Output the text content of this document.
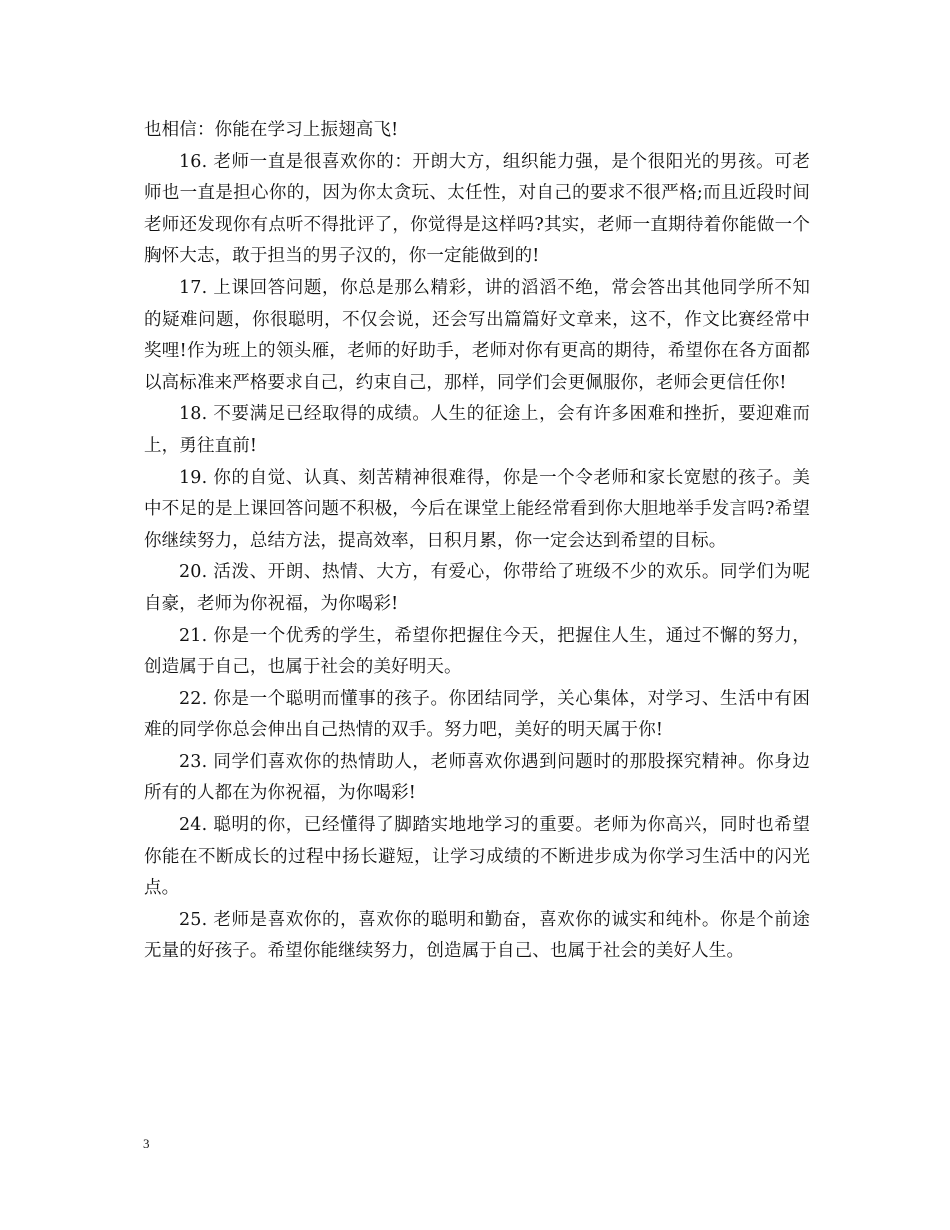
也相信：你能在学习上振翅高飞!

16. 老师一直是很喜欢你的：开朗大方，组织能力强，是个很阳光的男孩。可老师也一直是担心你的，因为你太贪玩、太任性，对自己的要求不很严格;而且近段时间老师还发现你有点听不得批评了，你觉得是这样吗?其实，老师一直期待着你能做一个胸怀大志，敢于担当的男子汉的，你一定能做到的!

17. 上课回答问题，你总是那么精彩，讲的滔滔不绝，常会答出其他同学所不知的疑难问题，你很聪明，不仅会说，还会写出篇篇好文章来，这不，作文比赛经常中奖哩!作为班上的领头雁，老师的好助手，老师对你有更高的期待，希望你在各方面都以高标准来严格要求自己，约束自己，那样，同学们会更佩服你，老师会更信任你!

18. 不要满足已经取得的成绩。人生的征途上，会有许多困难和挫折，要迎难而上，勇往直前!

19. 你的自觉、认真、刻苦精神很难得，你是一个令老师和家长宽慰的孩子。美中不足的是上课回答问题不积极，今后在课堂上能经常看到你大胆地举手发言吗?希望你继续努力，总结方法，提高效率，日积月累，你一定会达到希望的目标。

20. 活泼、开朗、热情、大方，有爱心，你带给了班级不少的欢乐。同学们为呢自豪，老师为你祝福，为你喝彩!

21. 你是一个优秀的学生，希望你把握住今天，把握住人生，通过不懈的努力，创造属于自己，也属于社会的美好明天。

22. 你是一个聪明而懂事的孩子。你团结同学，关心集体，对学习、生活中有困难的同学你总会伸出自己热情的双手。努力吧，美好的明天属于你!

23. 同学们喜欢你的热情助人，老师喜欢你遇到问题时的那股探究精神。你身边所有的人都在为你祝福，为你喝彩!

24. 聪明的你，已经懂得了脚踏实地地学习的重要。老师为你高兴，同时也希望你能在不断成长的过程中扬长避短，让学习成绩的不断进步成为你学习生活中的闪光点。

25. 老师是喜欢你的，喜欢你的聪明和勤奋，喜欢你的诚实和纯朴。你是个前途无量的好孩子。希望你能继续努力，创造属于自己、也属于社会的美好人生。

3
